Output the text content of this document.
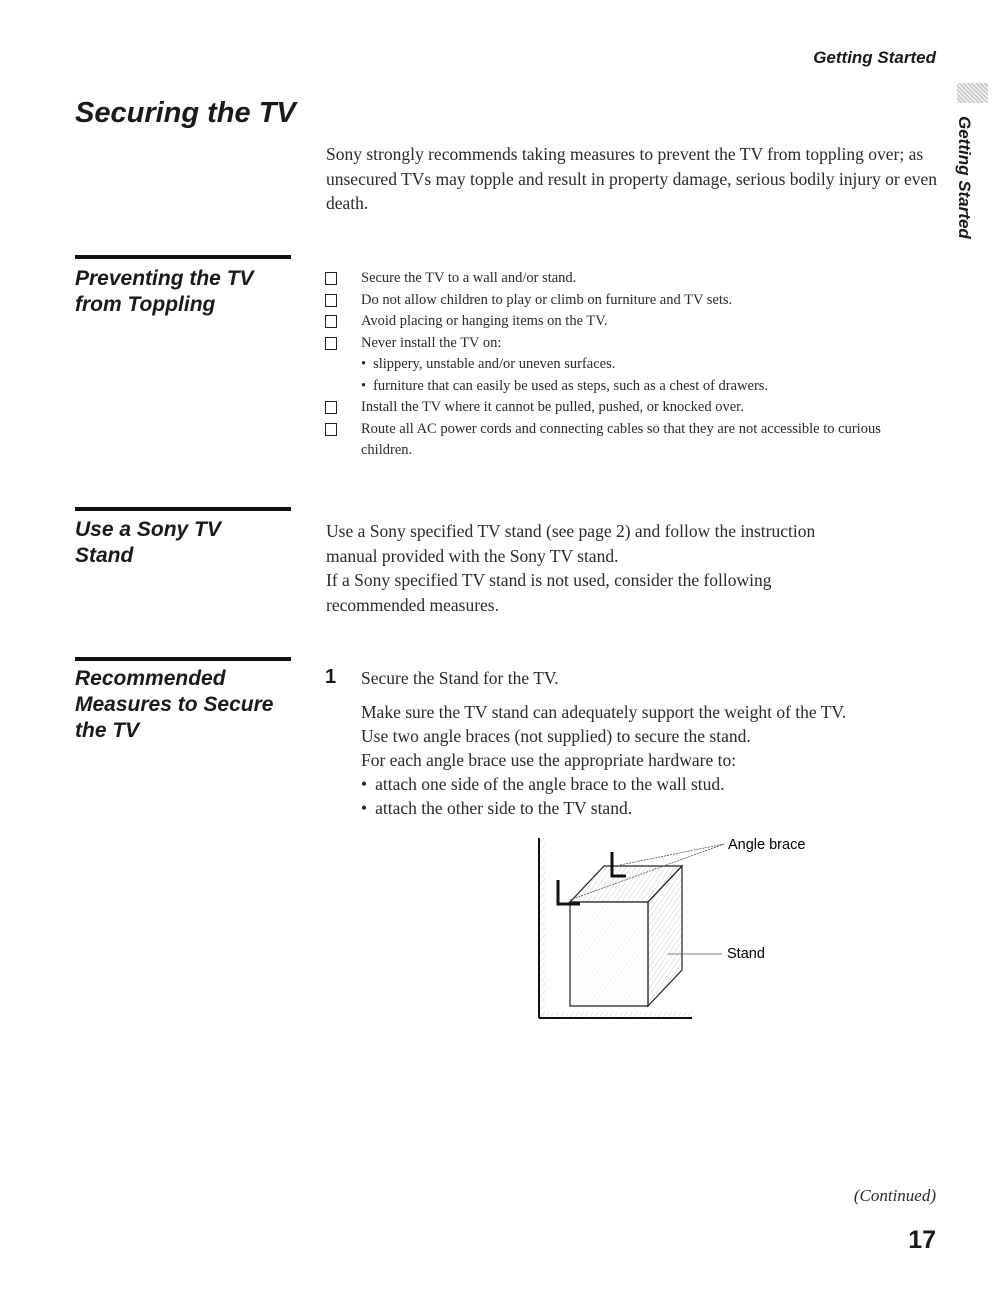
Getting Started
Getting Started
Securing the TV
Sony strongly recommends taking measures to prevent the TV from toppling over; as unsecured TVs may topple and result in property damage, serious bodily injury or even death.
Preventing the TV
from Toppling
Secure the TV to a wall and/or stand.
Do not allow children to play or climb on furniture and TV sets.
Avoid placing or hanging items on the TV.
Never install the TV on:
• slippery, unstable and/or uneven surfaces.
• furniture that can easily be used as steps, such as a chest of drawers.
Install the TV where it cannot be pulled, pushed, or knocked over.
Route all AC power cords and connecting cables so that they are not accessible to curious children.
Use a Sony TV
Stand
Use a Sony specified TV stand (see page 2) and follow the instruction
manual provided with the Sony TV stand.
If a Sony specified TV stand is not used, consider the following
recommended measures.
Recommended
Measures to Secure
the TV
1 Secure the Stand for the TV.
Make sure the TV stand can adequately support the weight of the TV.
Use two angle braces (not supplied) to secure the stand.
For each angle brace use the appropriate hardware to:
• attach one side of the angle brace to the wall stud.
• attach the other side to the TV stand.
Angle brace
Stand
(Continued)
17
